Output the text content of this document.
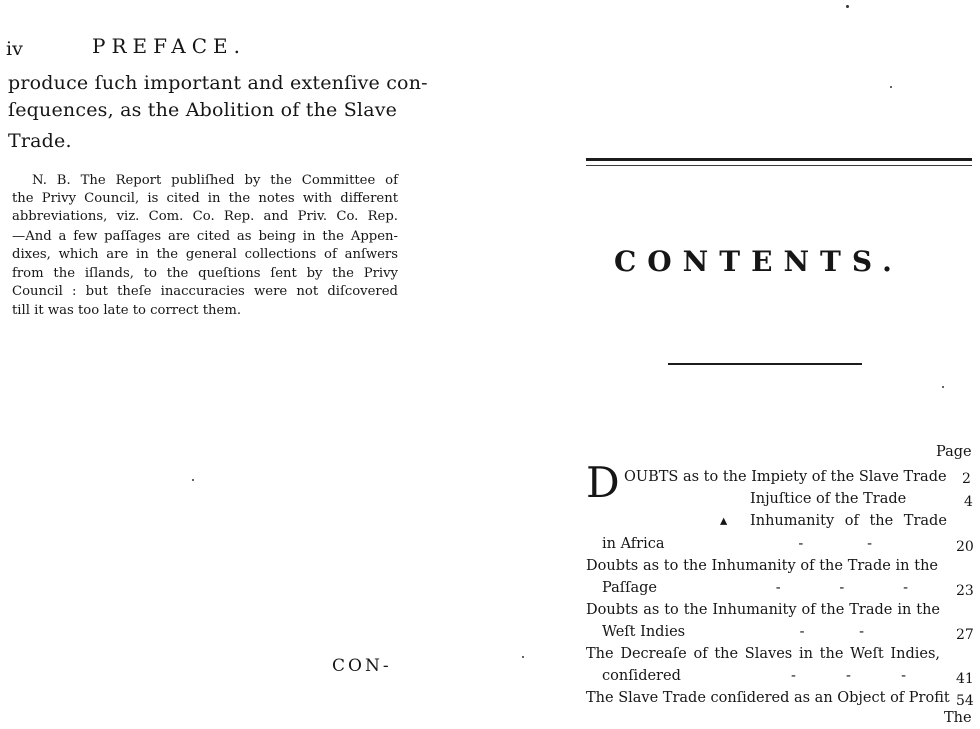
iv	PREFACE.
produce ſuch important and extenſive con-
ſequences, as the Abolition of the Slave
Trade.
N. B. The Report publiſhed by the Committee of
the Privy Council, is cited in the notes with different
abbreviations, viz. Com. Co. Rep. and Priv. Co. Rep.
—And a few paſſages are cited as being in the Appen-
dixes, which are in the general collections of anſwers
from the iſlands, to the queſtions ſent by the Privy
Council : but theſe inaccuracies were not diſcovered
till it was too late to correct them.
CON-
CONTENTS.
Page
D OUBTS as to the Impiety of the Slave Trade 2
Injuſtice of the Trade	4
▴ Inhumanity of the Trade
in Africa	-	-	20
Doubts as to the Inhumanity of the Trade in the
Paſſage	-	-	-	23
Doubts as to the Inhumanity of the Trade in the
Weſt Indies	-	-	27
The Decreaſe of the Slaves in the Weſt Indies,
conſidered	-	-	-	41
The Slave Trade conſidered as an Object of Profit 54
The
